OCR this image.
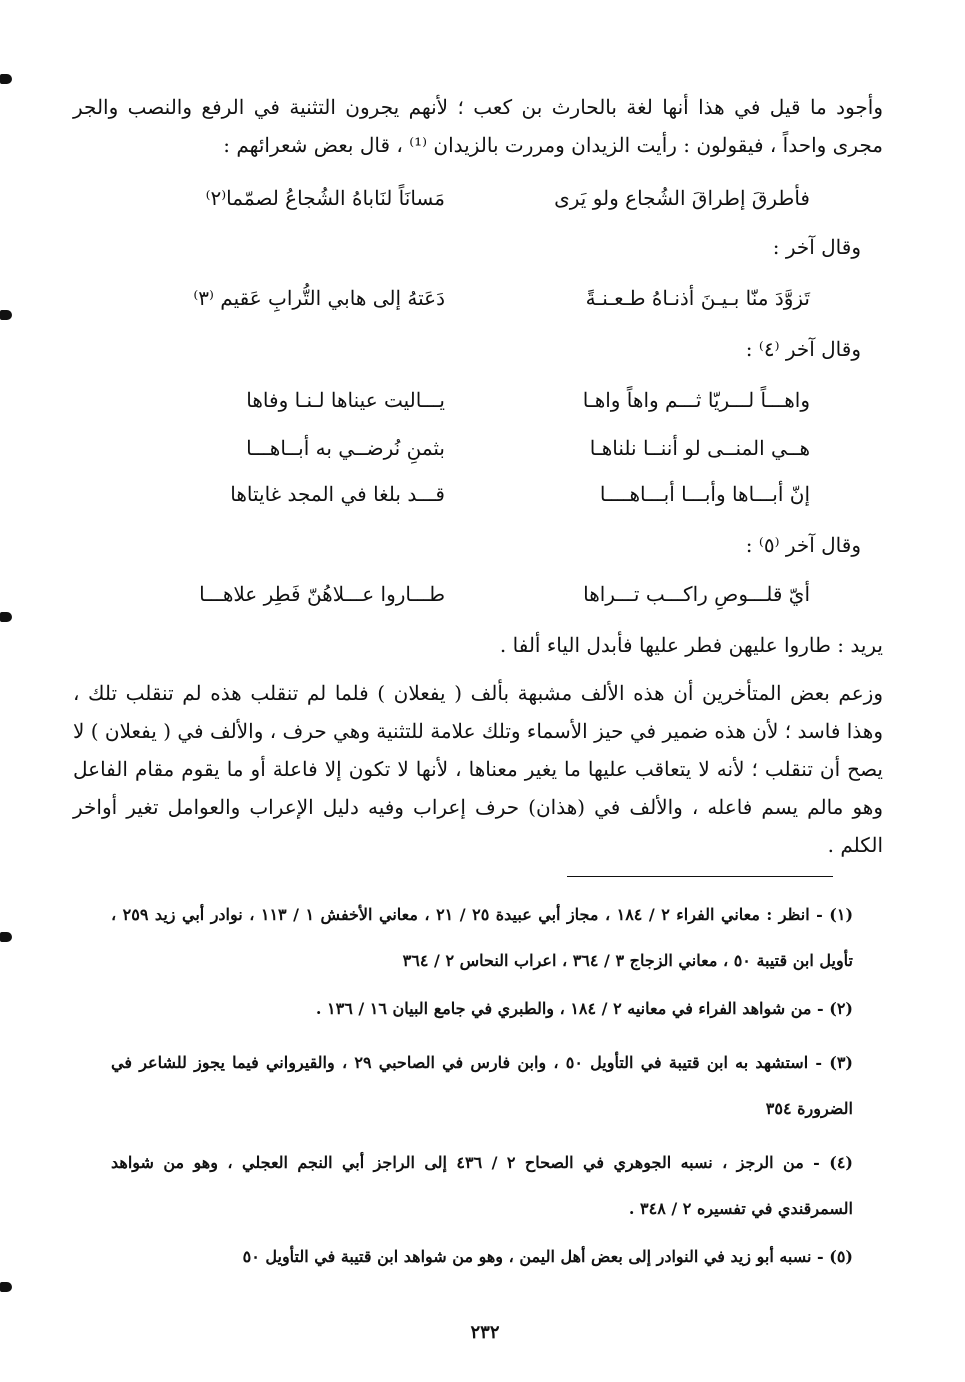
وأجود ما قيل في هذا أنها لغة بالحارث بن كعب ؛ لأنهم يجرون التثنية في الرفع والنصب والجر مجرى واحداً ، فيقولون : رأيت الزيدان ومررت بالزيدان ⁽¹⁾ ، قال بعض شعرائهم :
فأطرقَ إطراقَ الشُجاع ولو يَرى
مَسانَاً لنَاباهُ الشُجاعُ لصمّما⁽٢⁾
وقال آخر :
تَزوَّدَ منّا بـيـنَ أذنـاهُ طـعـنـةً
دَعَتهُ إلى هابي التُّرابِ عَقيم ⁽٣⁾
وقال آخر ⁽٤⁾ :
واهـــاً لـــريّا ثـــم واهاً واهـا
يـــاليت عيناها لـنـا وفاها
هــي المنــى لو أننــا نلناهـا
بثمنِ نُرضــي به أبــاهـــا
إنّ أبـــاها وأبـــا أبـــاهــــا
قـــد بلغا في المجد غايتاها
وقال آخر ⁽٥⁾ :
أيّ قلـــوصِ راكـــب تـــراها
طـــاروا عـــلاهُنّ فَطِر علاهـــا
يريد : طاروا عليهن فطر عليها فأبدل الياء ألفا .
وزعم بعض المتأخرين أن هذه الألف مشبهة بألف ( يفعلان ) فلما لم تنقلب هذه لم تنقلب تلك ، وهذا فاسد ؛ لأن هذه ضمير في حيز الأسماء وتلك علامة للتثنية وهي حرف ، والألف في ( يفعلان ) لا يصح أن تنقلب ؛ لأنه لا يتعاقب عليها ما يغير معناها ، لأنها لا تكون إلا فاعلة أو ما يقوم مقام الفاعل وهو مالم يسم فاعله ، والألف في (هذان) حرف إعراب وفيه دليل الإعراب والعوامل تغير أواخر الكلم .
(١) - انظر : معاني الفراء ٢ / ١٨٤ ، مجاز أبي عبيدة ٢٥ / ٢١ ، معاني الأخفش ١ / ١١٣ ، نوادر أبي زيد ٢٥٩ ، تأويل ابن قتيبة ٥٠ ، معاني الزجاج ٣ / ٣٦٤ ، اعراب النحاس ٢ / ٣٦٤
(٢) - من شواهد الفراء في معانيه ٢ / ١٨٤ ، والطبري في جامع البيان ١٦ / ١٣٦ .
(٣) - استشهد به ابن قتيبة في التأويل ٥٠ ، وابن فارس في الصاحبي ٢٩ ، والقيرواني فيما يجوز للشاعر في الضرورة ٣٥٤
(٤) - من الرجز ، نسبه الجوهري في الصحاح ٢ / ٤٣٦ إلى الراجز أبي النجم العجلي ، وهو من شواهد السمرقندي في تفسيره ٢ / ٣٤٨ .
(٥) - نسبه أبو زيد في النوادر إلى بعض أهل اليمن ، وهو من شواهد ابن قتيبة في التأويل ٥٠
٢٣٢
